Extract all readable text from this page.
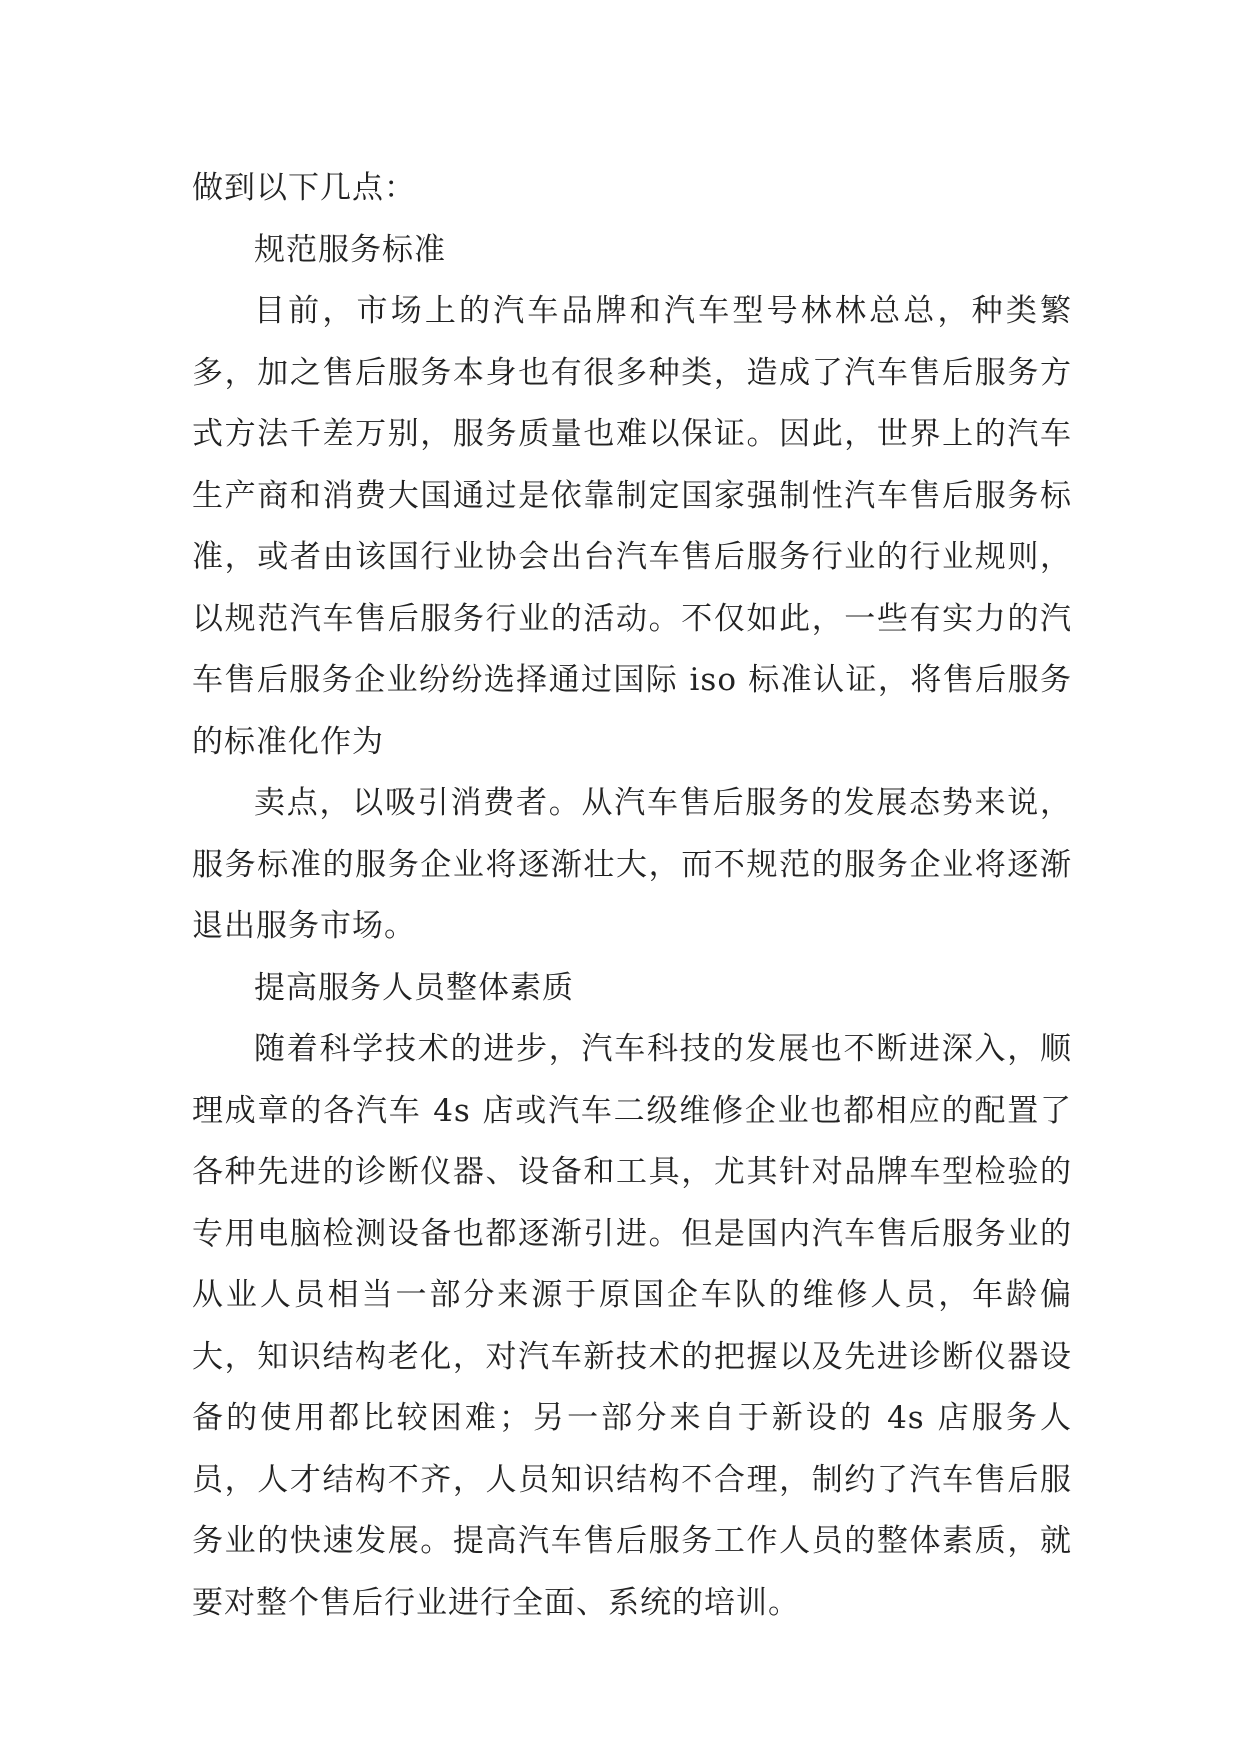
做到以下几点：

规范服务标准

目前，市场上的汽车品牌和汽车型号林林总总，种类繁多，加之售后服务本身也有很多种类，造成了汽车售后服务方式方法千差万别，服务质量也难以保证。因此，世界上的汽车生产商和消费大国通过是依靠制定国家强制性汽车售后服务标准，或者由该国行业协会出台汽车售后服务行业的行业规则，以规范汽车售后服务行业的活动。不仅如此，一些有实力的汽车售后服务企业纷纷选择通过国际 iso 标准认证，将售后服务的标准化作为

卖点，以吸引消费者。从汽车售后服务的发展态势来说，服务标准的服务企业将逐渐壮大，而不规范的服务企业将逐渐退出服务市场。

提高服务人员整体素质

随着科学技术的进步，汽车科技的发展也不断进深入，顺理成章的各汽车 4s 店或汽车二级维修企业也都相应的配置了各种先进的诊断仪器、设备和工具，尤其针对品牌车型检验的专用电脑检测设备也都逐渐引进。但是国内汽车售后服务业的从业人员相当一部分来源于原国企车队的维修人员，年龄偏大，知识结构老化，对汽车新技术的把握以及先进诊断仪器设备的使用都比较困难；另一部分来自于新设的 4s 店服务人员，人才结构不齐，人员知识结构不合理，制约了汽车售后服务业的快速发展。提高汽车售后服务工作人员的整体素质，就要对整个售后行业进行全面、系统的培训。
